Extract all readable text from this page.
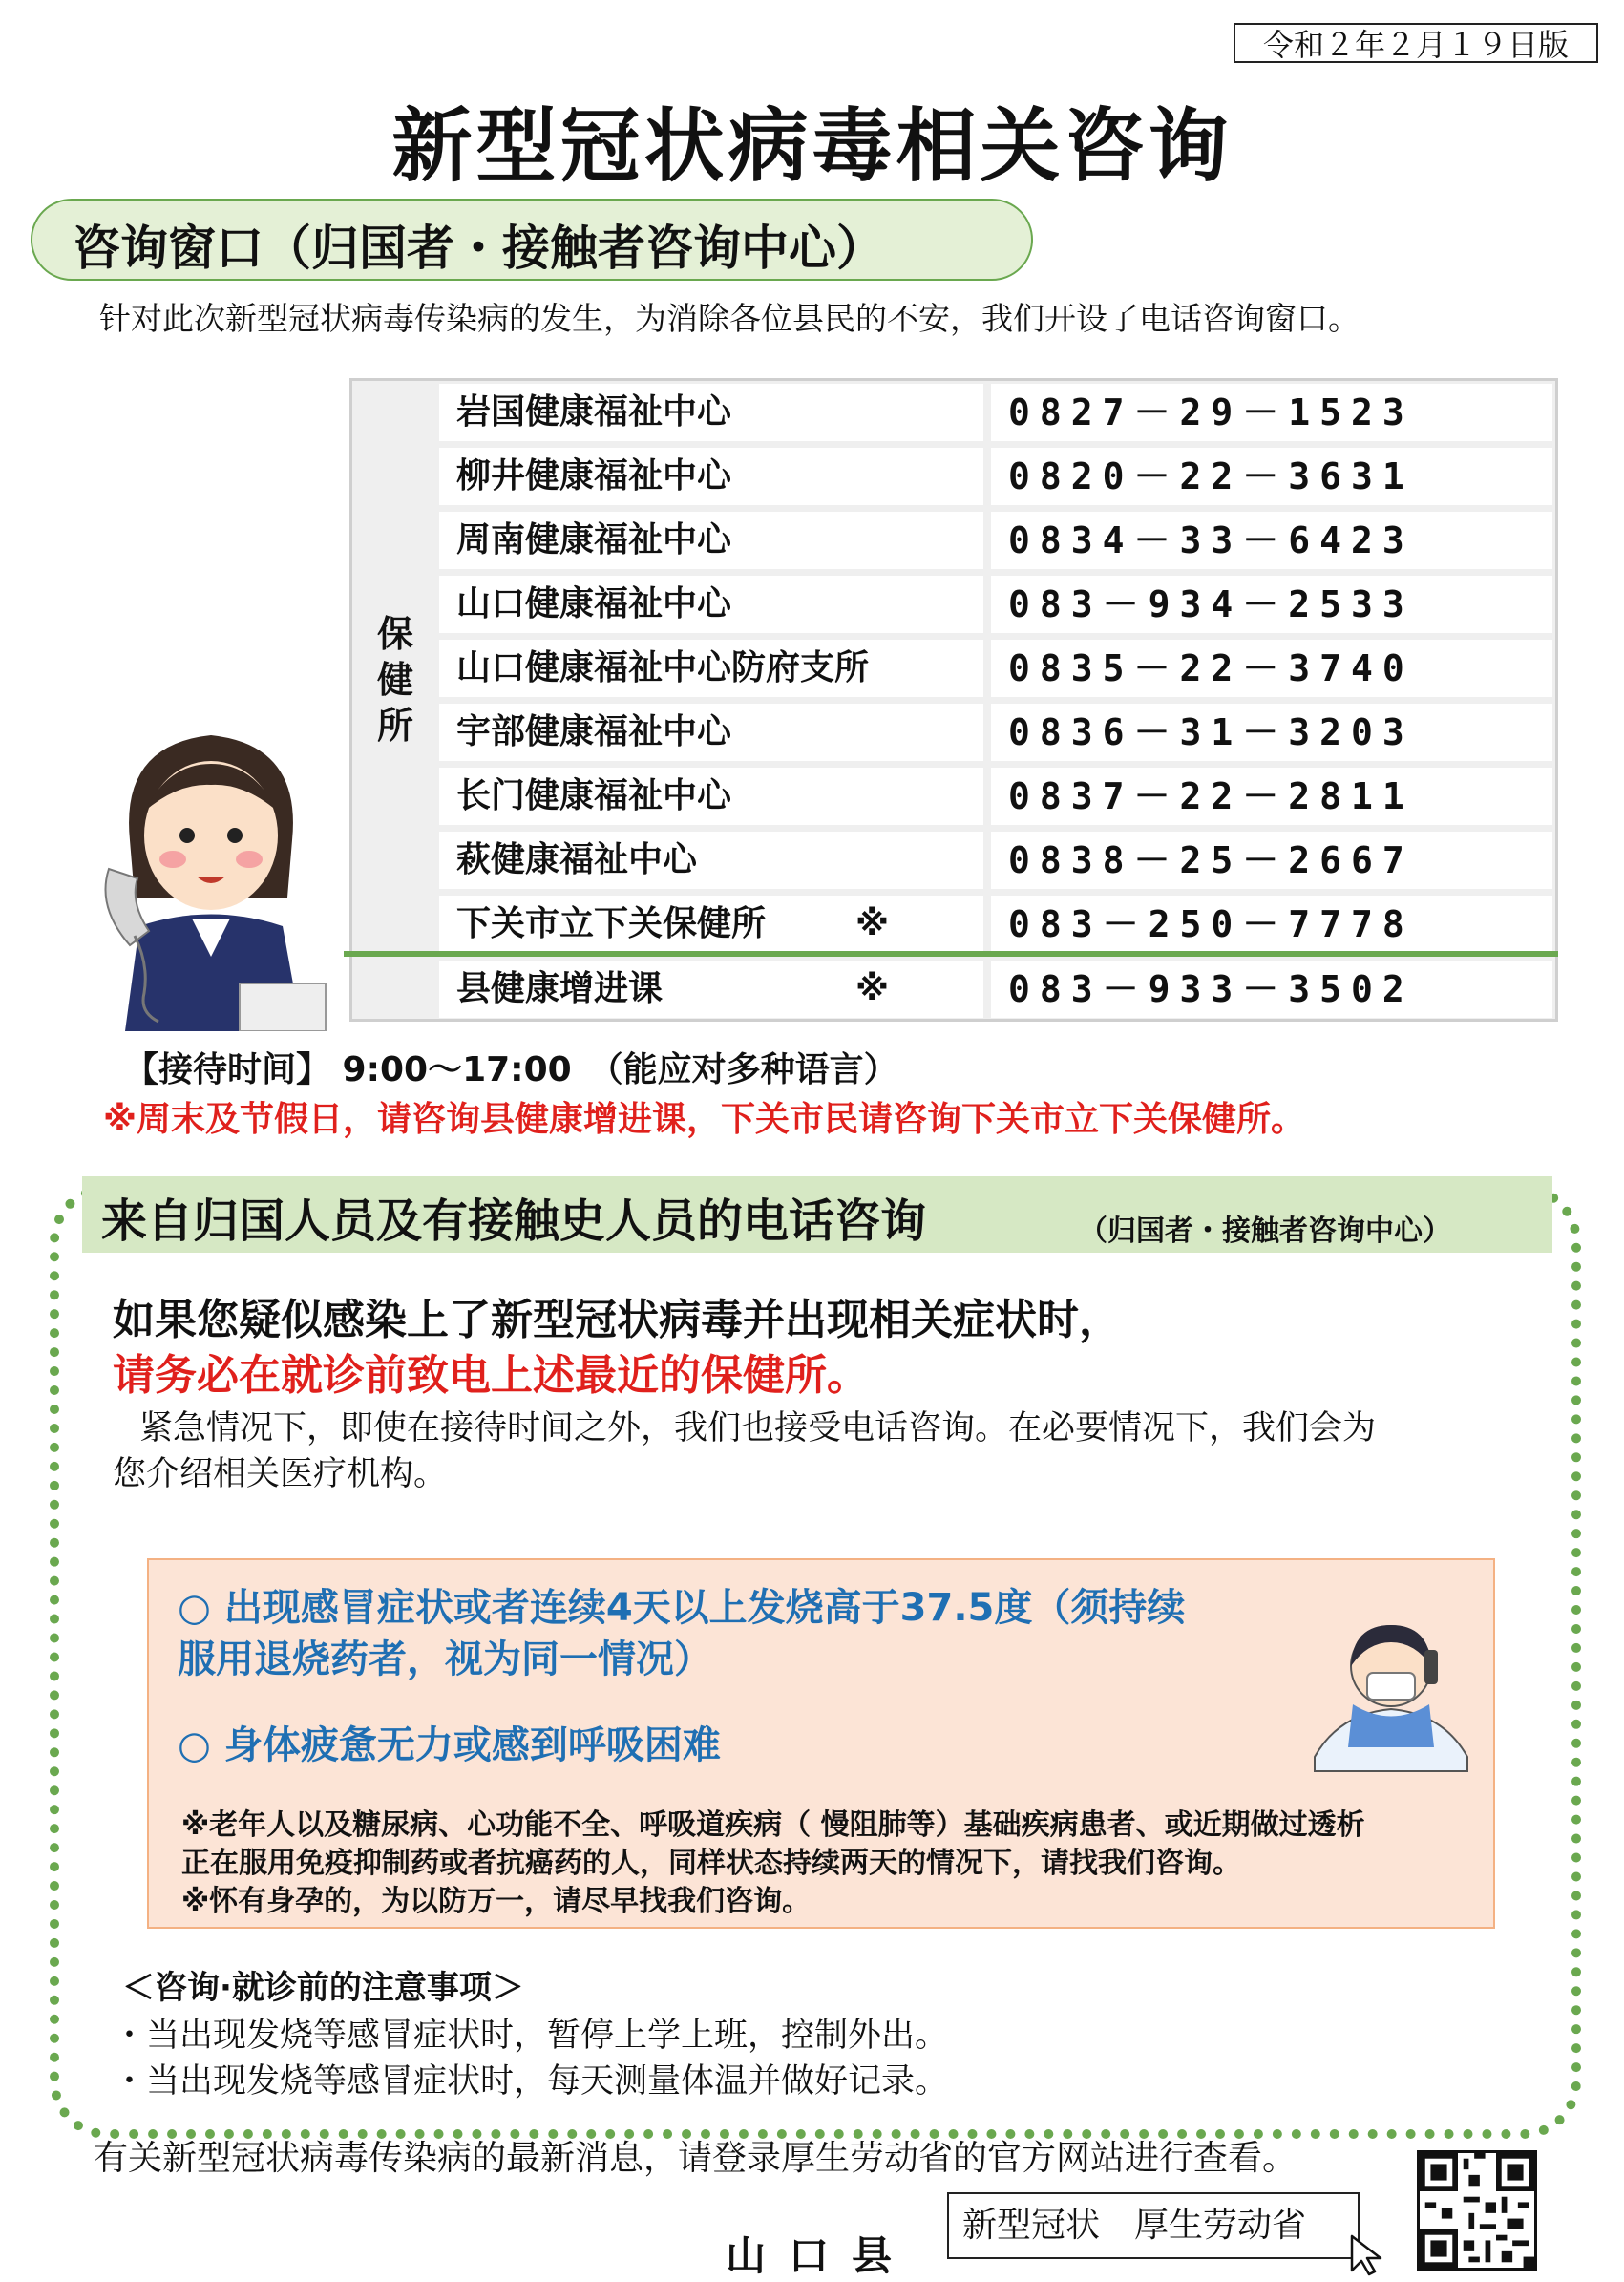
令和２年２月１９日版
新型冠状病毒相关咨询
咨询窗口（归国者・接触者咨询中心）
针对此次新型冠状病毒传染病的发生，为消除各位县民的不安，我们开设了电话咨询窗口。
保
健
所
岩国健康福祉中心	0827－29－1523
柳井健康福祉中心	0820－22－3631
周南健康福祉中心	0834－33－6423
山口健康福祉中心	083－934－2533
山口健康福祉中心防府支所	0835－22－3740
宇部健康福祉中心	0836－31－3203
长门健康福祉中心	0837－22－2811
萩健康福祉中心	0838－25－2667
下关市立下关保健所	※	083－250－7778
县健康增进课	※	083－933－3502
【接待时间】 9:00～17:00　（能应对多种语言）
※周末及节假日，请咨询县健康增进课，下关市民请咨询下关市立下关保健所。
来自归国人员及有接触史人员的电话咨询	（归国者・接触者咨询中心）
如果您疑似感染上了新型冠状病毒并出现相关症状时，
请务必在就诊前致电上述最近的保健所。
紧急情况下，即使在接待时间之外，我们也接受电话咨询。在必要情况下，我们会为
您介绍相关医疗机构。
○ 出现感冒症状或者连续4天以上发烧高于37.5度（须持续
服用退烧药者，视为同一情况）
○ 身体疲惫无力或感到呼吸困难
※老年人以及糖尿病、心功能不全、呼吸道疾病（ 慢阻肺等）基础疾病患者、或近期做过透析
正在服用免疫抑制药或者抗癌药的人，同样状态持续两天的情况下，请找我们咨询。
※怀有身孕的，为以防万一，请尽早找我们咨询。
＜咨询·就诊前的注意事项＞
・当出现发烧等感冒症状时，暂停上学上班，控制外出。
・当出现发烧等感冒症状时，每天测量体温并做好记录。
有关新型冠状病毒传染病的最新消息，请登录厚生劳动省的官方网站进行查看。
新型冠状　厚生劳动省
山口县
